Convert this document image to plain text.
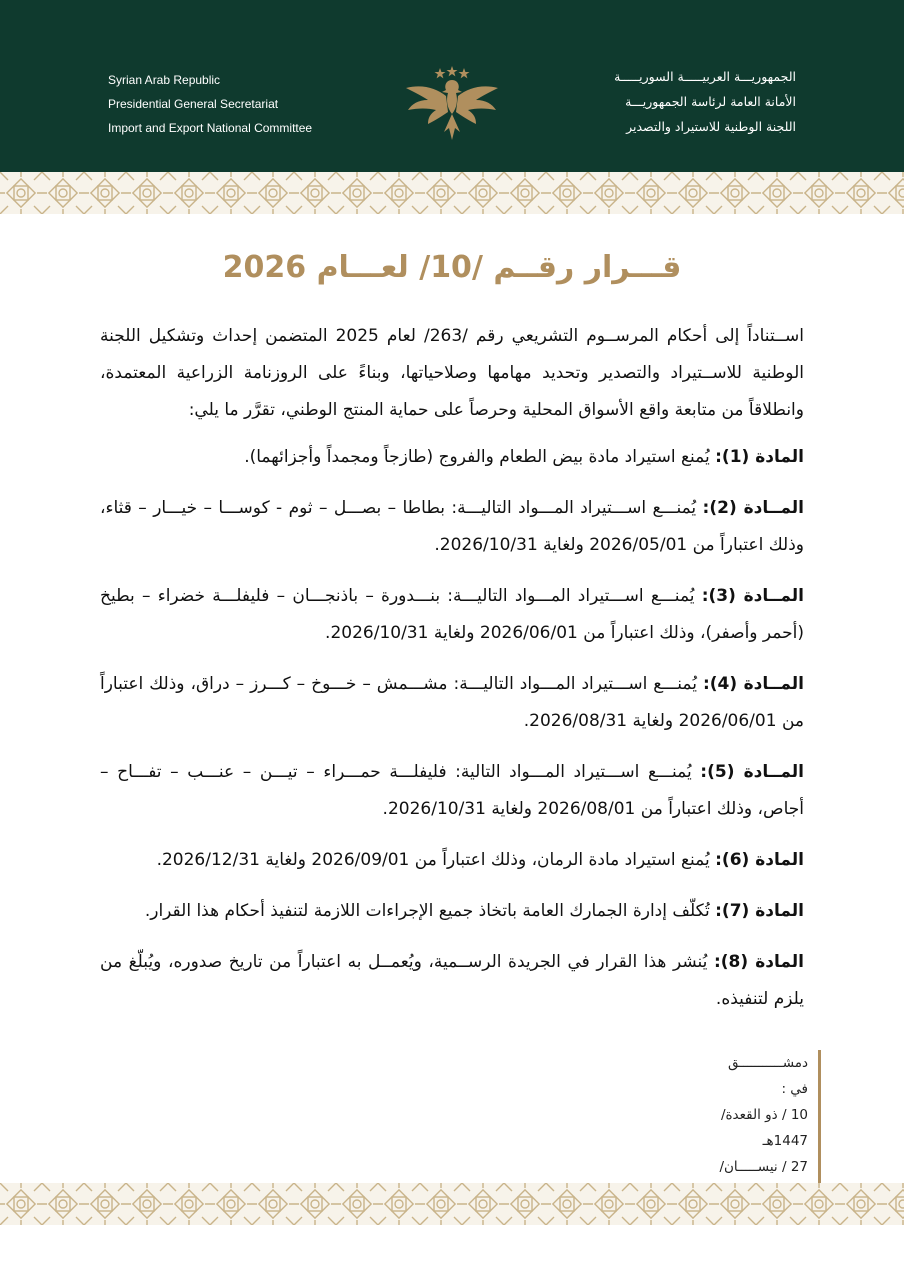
Syrian Arab Republic
Presidential General Secretariat
Import and Export National Committee
الجمهوريـــة العربيـــــة السوريـــــة
الأمانة العامة لرئاسة الجمهوريـــة
اللجنة الوطنية للاستيراد والتصدير
قـــرار رقــم /10/ لعـــام 2026

اســتناداً إلى أحكام المرســوم التشريعي رقم /263/ لعام 2025 المتضمن إحداث وتشكيل اللجنة الوطنية للاســتيراد والتصدير وتحديد مهامها وصلاحياتها، وبناءً على الروزنامة الزراعية المعتمدة، وانطلاقاً من متابعة واقع الأسواق المحلية وحرصاً على حماية المنتج الوطني، تقرَّر ما يلي:

المادة (1): يُمنع استيراد مادة بيض الطعام والفروج (طازجاً ومجمداً وأجزائهما).

المــادة (2): يُمنـــع اســـتيراد المـــواد التاليـــة: بطاطا – بصـــل – ثوم - كوســـا – خيـــار – قثاء، وذلك اعتباراً من 2026/05/01 ولغاية 2026/10/31.

المــادة (3): يُمنـــع اســـتيراد المـــواد التاليـــة: بنـــدورة – باذنجـــان – فليفلـــة خضراء – بطيخ (أحمر وأصفر)، وذلك اعتباراً من 2026/06/01 ولغاية 2026/10/31.

المــادة (4): يُمنـــع اســـتيراد المـــواد التاليـــة: مشـــمش – خـــوخ – كـــرز – دراق، وذلك اعتباراً من 2026/06/01 ولغاية 2026/08/31.

المــادة (5): يُمنـــع اســـتيراد المـــواد التالية: فليفلـــة حمـــراء – تيـــن – عنـــب – تفـــاح – أجاص، وذلك اعتباراً من 2026/08/01 ولغاية 2026/10/31.

المادة (6): يُمنع استيراد مادة الرمان، وذلك اعتباراً من 2026/09/01 ولغاية 2026/12/31.

المادة (7): تُكلّف إدارة الجمارك العامة باتخاذ جميع الإجراءات اللازمة لتنفيذ أحكام هذا القرار.

المادة (8): يُنشر هذا القرار في الجريدة الرســمية، ويُعمــل به اعتباراً من تاريخ صدوره، ويُبلّغ من يلزم لتنفيذه.

دمشـــــــــــق في :
10 / ذو القعدة/ 1447هـ
27 / نيســـــان/
